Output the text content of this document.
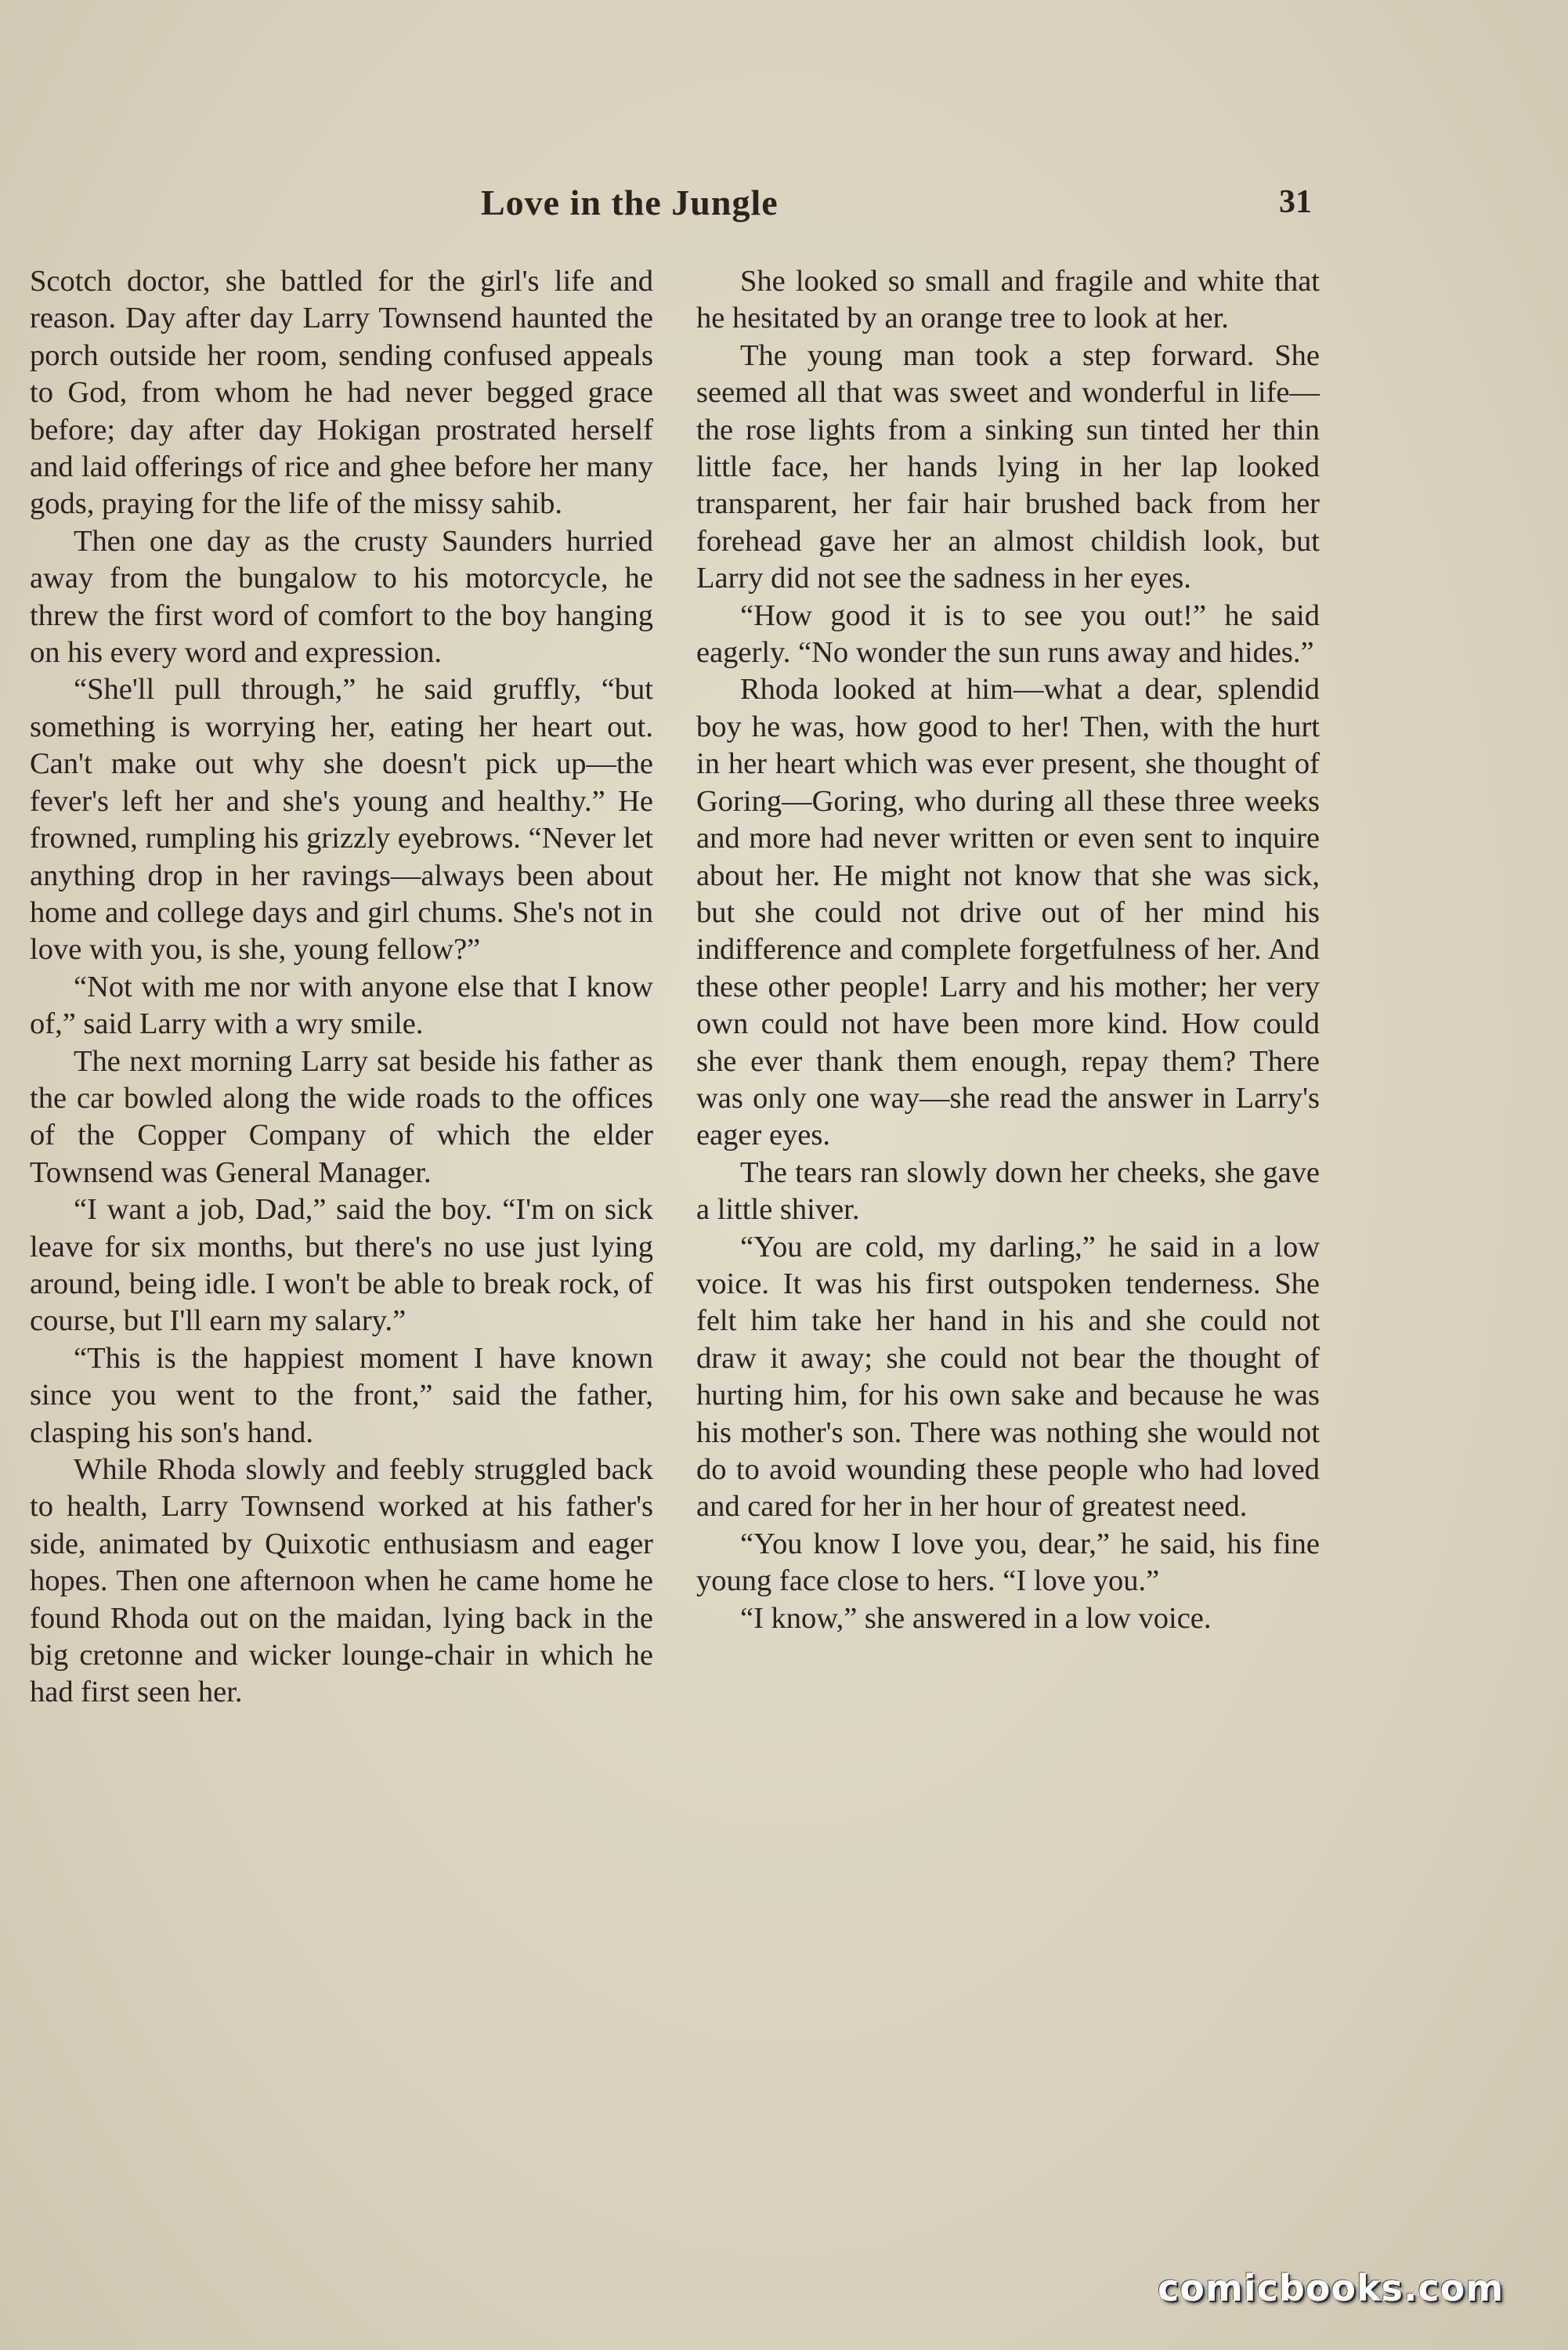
Love in the Jungle	31

Scotch doctor, she battled for the girl's life and reason. Day after day Larry Townsend haunted the porch outside her room, sending confused appeals to God, from whom he had never begged grace before; day after day Hokigan prostrated herself and laid offerings of rice and ghee before her many gods, praying for the life of the missy sahib.

Then one day as the crusty Saunders hurried away from the bungalow to his motorcycle, he threw the first word of comfort to the boy hanging on his every word and expression.

“She'll pull through,” he said gruffly, “but something is worrying her, eating her heart out. Can't make out why she doesn't pick up—the fever's left her and she's young and healthy.” He frowned, rumpling his grizzly eyebrows. “Never let anything drop in her ravings—always been about home and college days and girl chums. She's not in love with you, is she, young fellow?”

“Not with me nor with anyone else that I know of,” said Larry with a wry smile.

The next morning Larry sat beside his father as the car bowled along the wide roads to the offices of the Copper Company of which the elder Townsend was General Manager.

“I want a job, Dad,” said the boy. “I'm on sick leave for six months, but there's no use just lying around, being idle. I won't be able to break rock, of course, but I'll earn my salary.”

“This is the happiest moment I have known since you went to the front,” said the father, clasping his son's hand.

While Rhoda slowly and feebly struggled back to health, Larry Townsend worked at his father's side, animated by Quixotic enthusiasm and eager hopes. Then one afternoon when he came home he found Rhoda out on the maidan, lying back in the big cretonne and wicker lounge-chair in which he had first seen her.

She looked so small and fragile and white that he hesitated by an orange tree to look at her.

The young man took a step forward. She seemed all that was sweet and wonderful in life—the rose lights from a sinking sun tinted her thin little face, her hands lying in her lap looked transparent, her fair hair brushed back from her forehead gave her an almost childish look, but Larry did not see the sadness in her eyes.

“How good it is to see you out!” he said eagerly. “No wonder the sun runs away and hides.”

Rhoda looked at him—what a dear, splendid boy he was, how good to her! Then, with the hurt in her heart which was ever present, she thought of Goring—Goring, who during all these three weeks and more had never written or even sent to inquire about her. He might not know that she was sick, but she could not drive out of her mind his indifference and complete forgetfulness of her. And these other people! Larry and his mother; her very own could not have been more kind. How could she ever thank them enough, repay them? There was only one way—she read the answer in Larry's eager eyes.

The tears ran slowly down her cheeks, she gave a little shiver.

“You are cold, my darling,” he said in a low voice. It was his first outspoken tenderness. She felt him take her hand in his and she could not draw it away; she could not bear the thought of hurting him, for his own sake and because he was his mother's son. There was nothing she would not do to avoid wounding these people who had loved and cared for her in her hour of greatest need.

“You know I love you, dear,” he said, his fine young face close to hers. “I love you.”

“I know,” she answered in a low voice.

comicbooks.com
